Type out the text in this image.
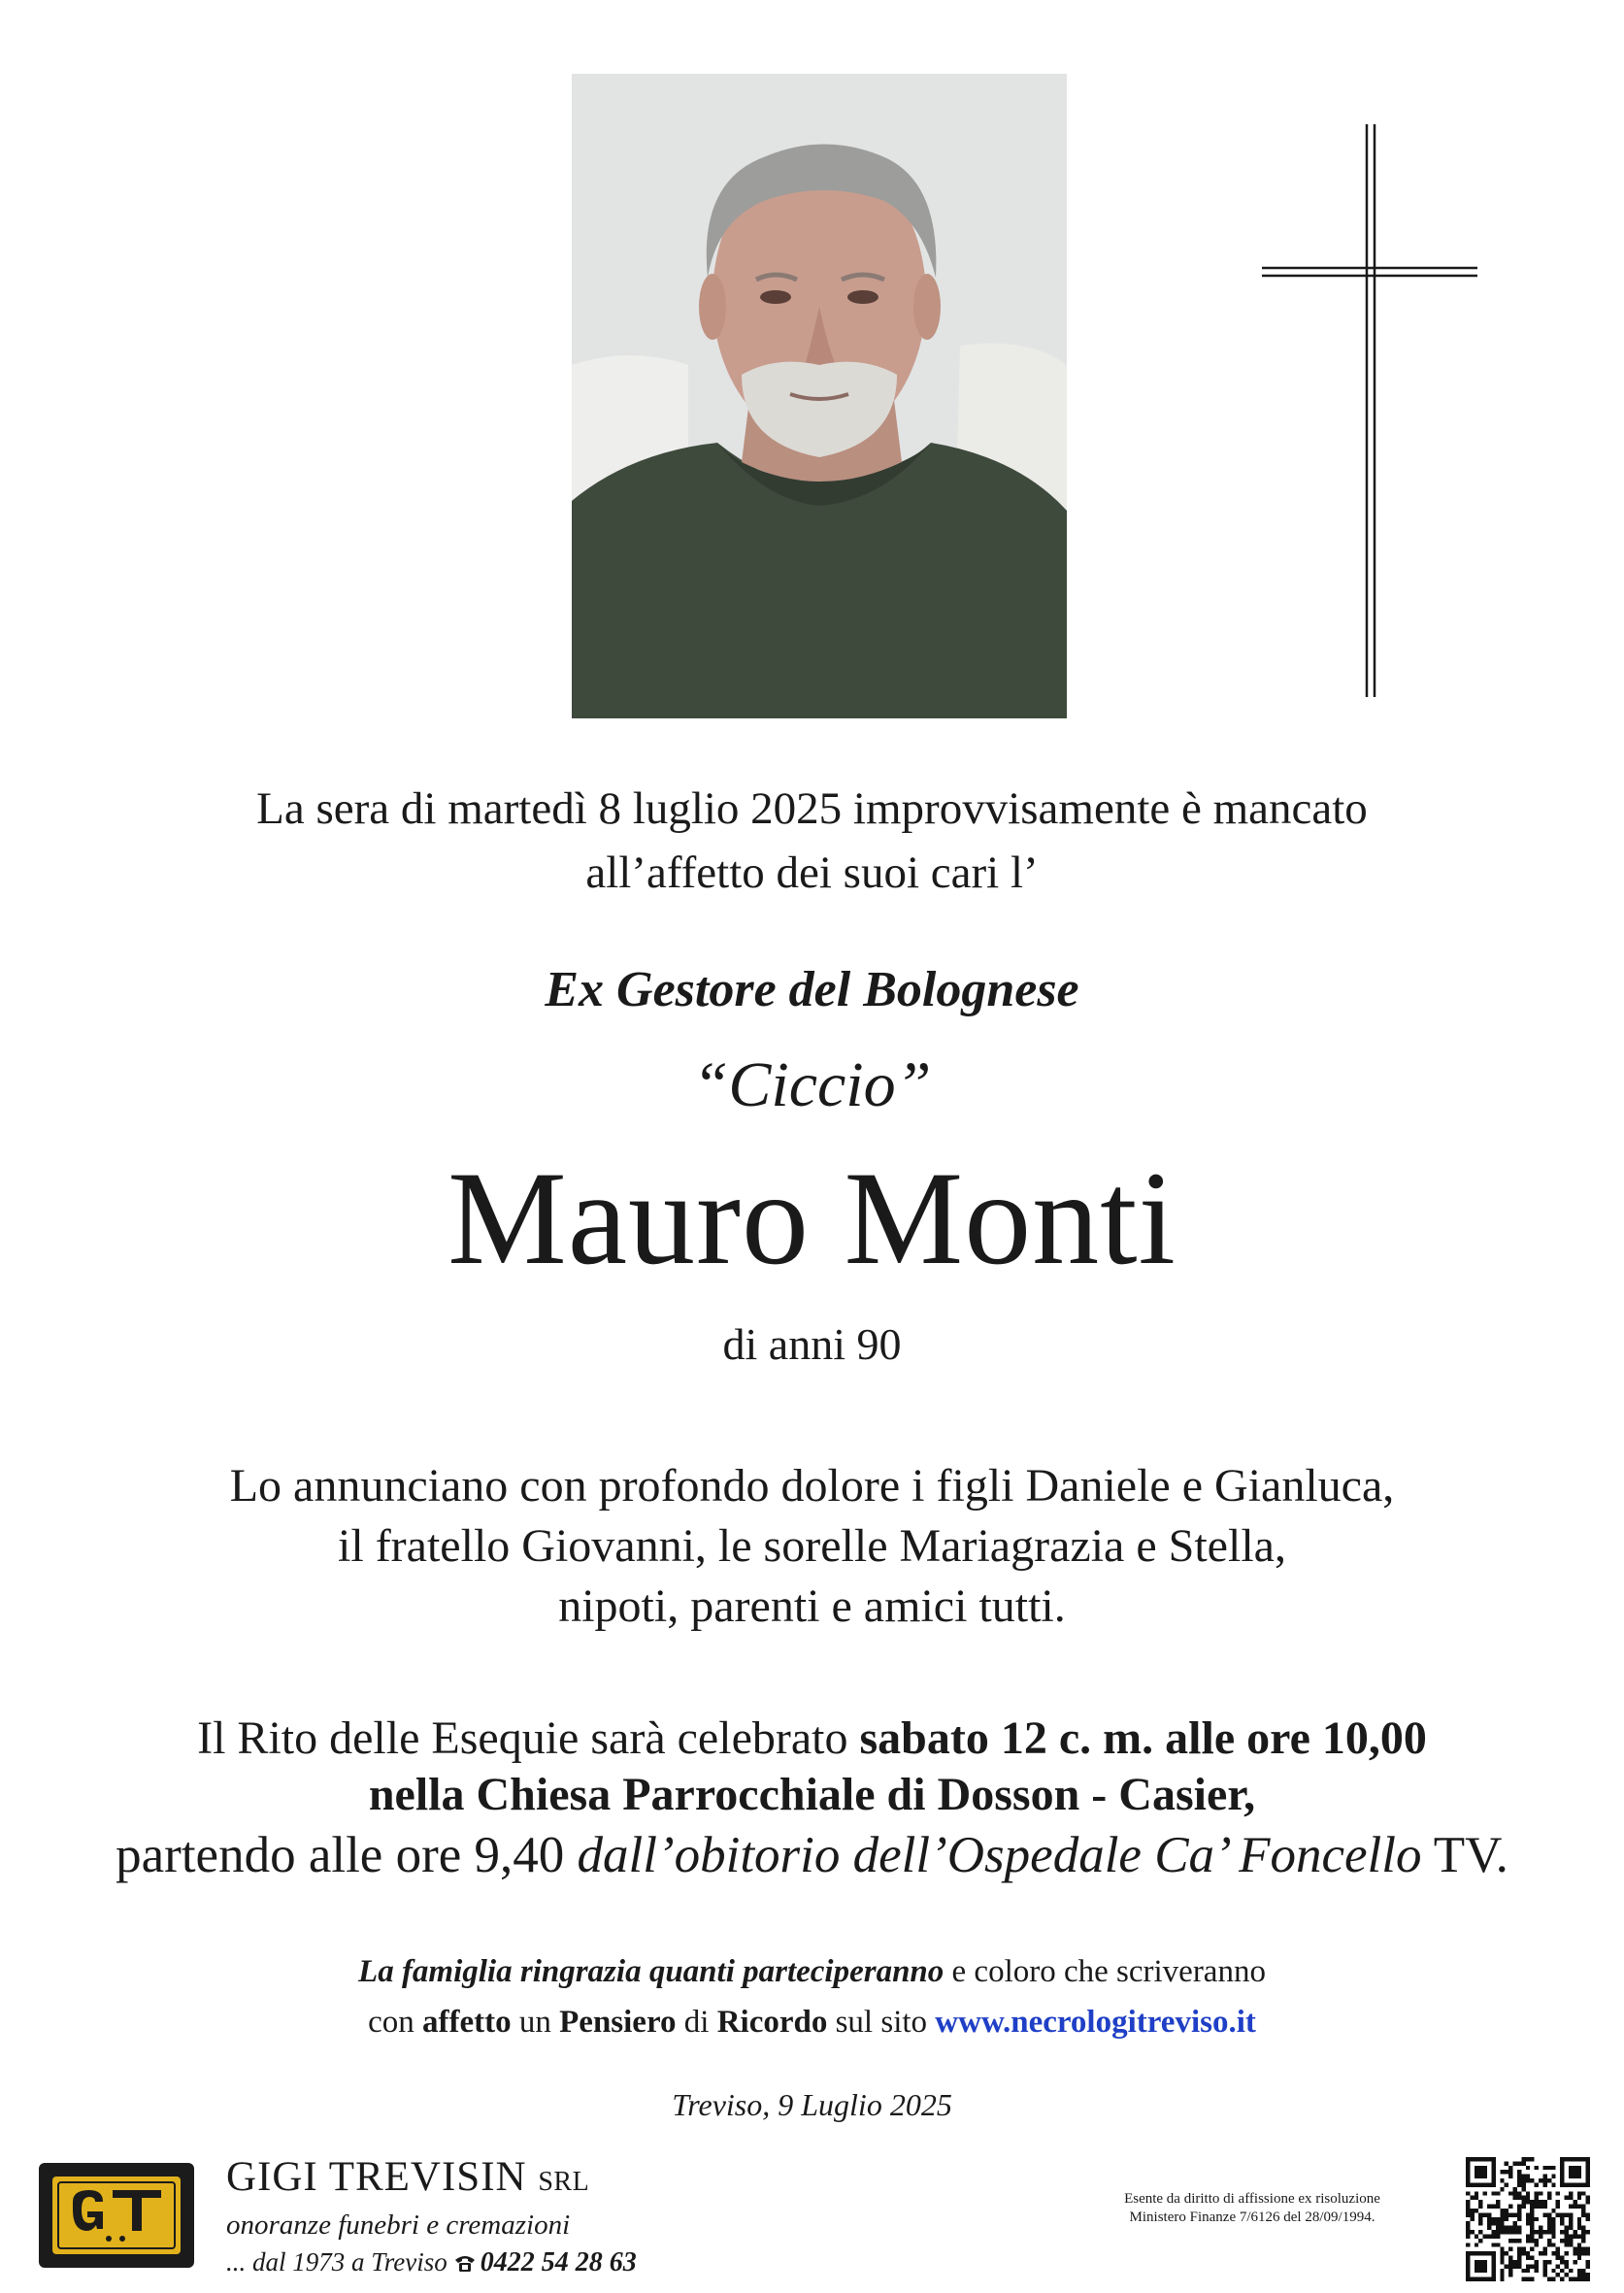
La sera di martedì 8 luglio 2025 improvvisamente è mancato
all’affetto dei suoi cari l’
Ex Gestore del Bolognese
“Ciccio”
Mauro Monti
di anni 90
Lo annunciano con profondo dolore i figli Daniele e Gianluca,
il fratello Giovanni, le sorelle Mariagrazia e Stella,
nipoti, parenti e amici tutti.
Il Rito delle Esequie sarà celebrato sabato 12 c. m. alle ore 10,00
nella Chiesa Parrocchiale di Dosson - Casier,
partendo alle ore 9,40 dall’obitorio dell’Ospedale Ca’ Foncello TV.
La famiglia ringrazia quanti parteciperanno e coloro che scriveranno
con affetto un Pensiero di Ricordo sul sito www.necrologitreviso.it
Treviso, 9 Luglio 2025
GIGI TREVISIN SRL
onoranze funebri e cremazioni
... dal 1973 a Treviso 0422 54 28 63
Esente da diritto di affissione ex risoluzione
Ministero Finanze 7/6126 del 28/09/1994.
